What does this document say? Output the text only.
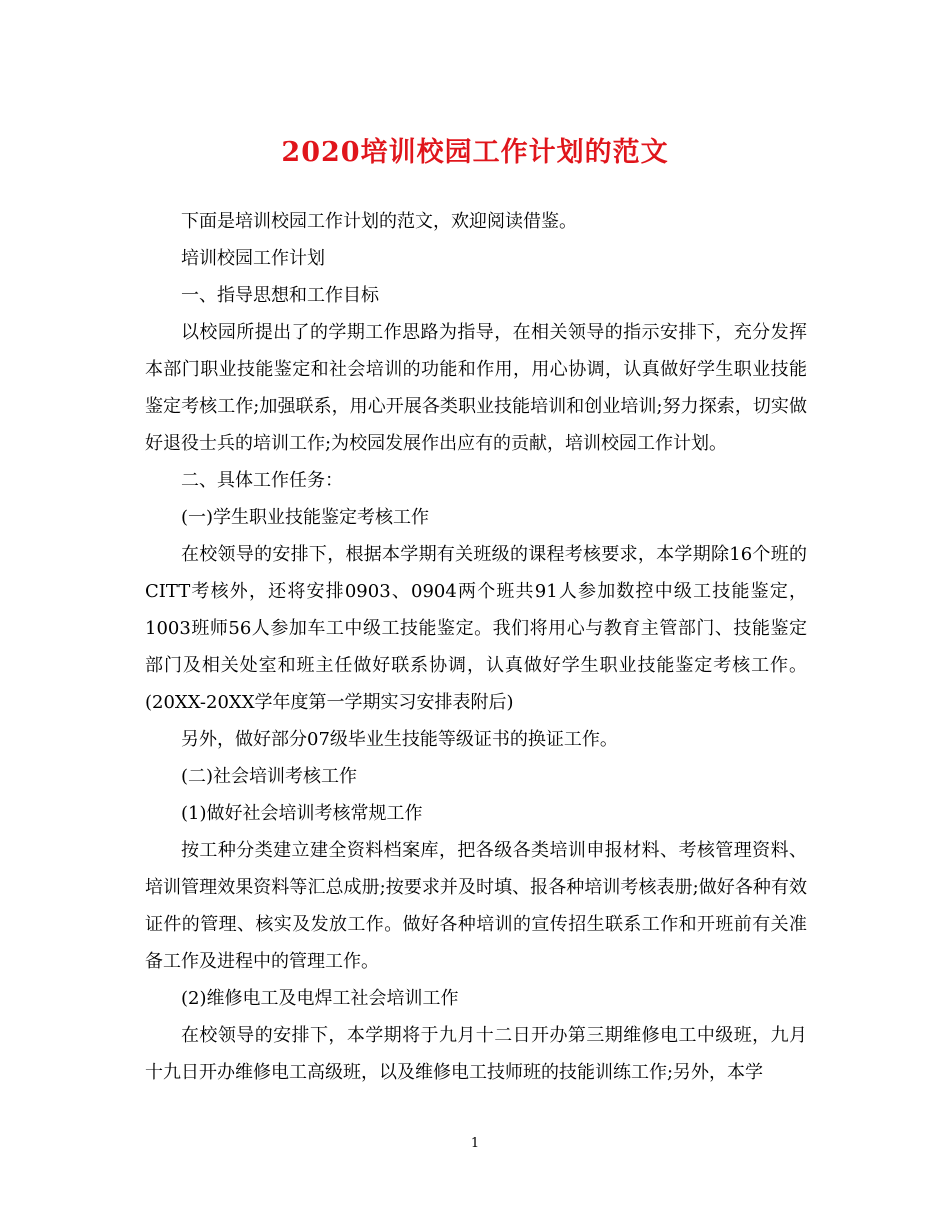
2020培训校园工作计划的范文

下面是培训校园工作计划的范文，欢迎阅读借鉴。

培训校园工作计划

一、指导思想和工作目标

以校园所提出了的学期工作思路为指导，在相关领导的指示安排下，充分发挥本部门职业技能鉴定和社会培训的功能和作用，用心协调，认真做好学生职业技能鉴定考核工作;加强联系，用心开展各类职业技能培训和创业培训;努力探索，切实做好退役士兵的培训工作;为校园发展作出应有的贡献，培训校园工作计划。

二、具体工作任务：

(一)学生职业技能鉴定考核工作

在校领导的安排下，根据本学期有关班级的课程考核要求，本学期除16个班的CITT考核外，还将安排0903、0904两个班共91人参加数控中级工技能鉴定，1003班师56人参加车工中级工技能鉴定。我们将用心与教育主管部门、技能鉴定部门及相关处室和班主任做好联系协调，认真做好学生职业技能鉴定考核工作。(20XX-20XX学年度第一学期实习安排表附后)

另外，做好部分07级毕业生技能等级证书的换证工作。

(二)社会培训考核工作

(1)做好社会培训考核常规工作

按工种分类建立建全资料档案库，把各级各类培训申报材料、考核管理资料、培训管理效果资料等汇总成册;按要求并及时填、报各种培训考核表册;做好各种有效证件的管理、核实及发放工作。做好各种培训的宣传招生联系工作和开班前有关准备工作及进程中的管理工作。

(2)维修电工及电焊工社会培训工作

在校领导的安排下，本学期将于九月十二日开办第三期维修电工中级班，九月十九日开办维修电工高级班，以及维修电工技师班的技能训练工作;另外，本学

1
